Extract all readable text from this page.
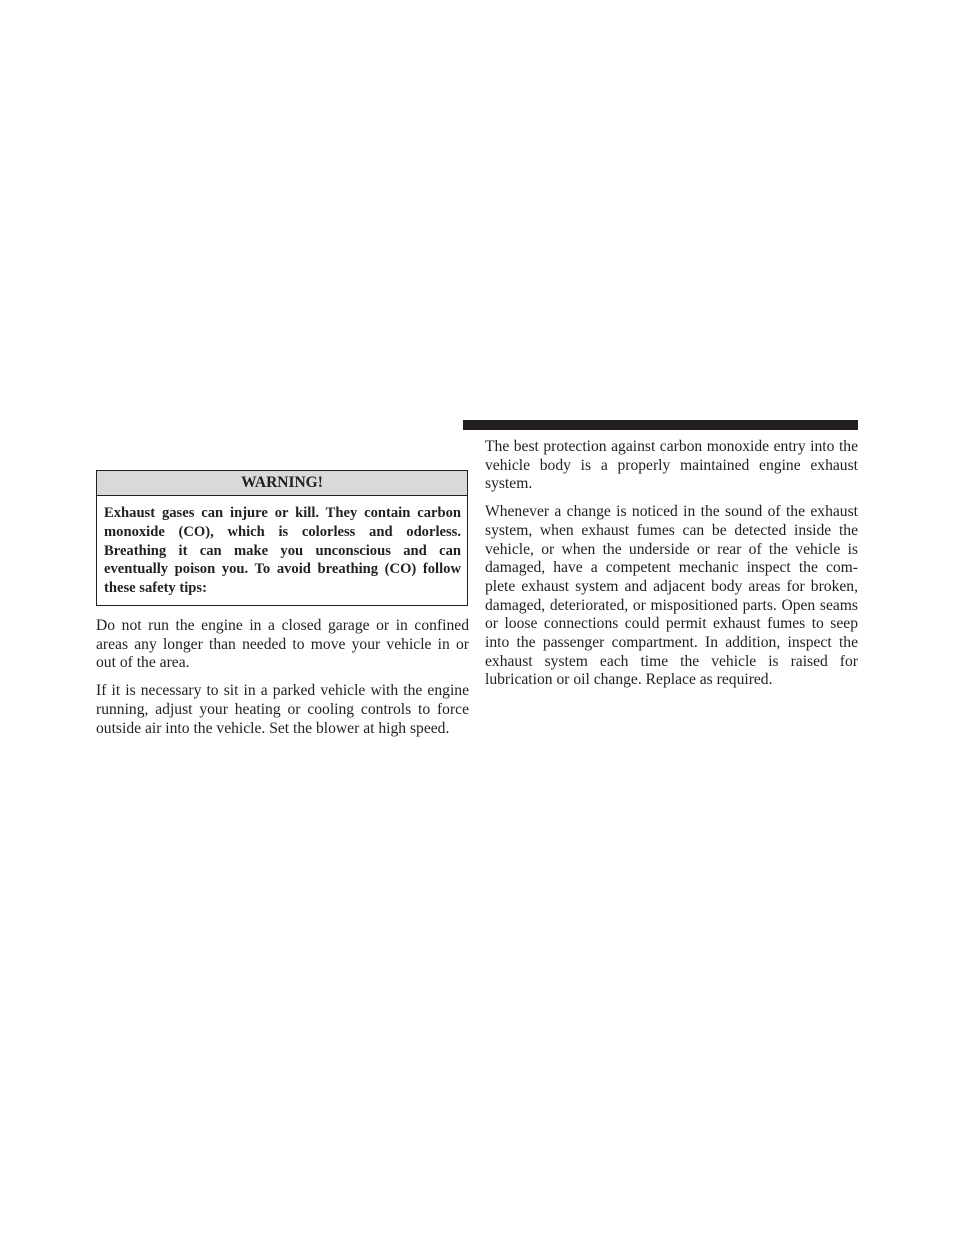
WARNING!
Exhaust gases can injure or kill. They contain carbon monoxide (CO), which is colorless and odorless. Breathing it can make you unconscious and can eventually poison you. To avoid breathing (CO) follow these safety tips:

Do not run the engine in a closed garage or in confined areas any longer than needed to move your vehicle in or out of the area.

If it is necessary to sit in a parked vehicle with the engine running, adjust your heating or cooling controls to force outside air into the vehicle. Set the blower at high speed.

The best protection against carbon monoxide entry into the vehicle body is a properly maintained engine exhaust system.

Whenever a change is noticed in the sound of the exhaust system, when exhaust fumes can be detected inside the vehicle, or when the underside or rear of the vehicle is damaged, have a competent mechanic inspect the com-plete exhaust system and adjacent body areas for broken, damaged, deteriorated, or mispositioned parts. Open seams or loose connections could permit exhaust fumes to seep into the passenger compartment. In addition, inspect the exhaust system each time the vehicle is raised for lubrication or oil change. Replace as required.
